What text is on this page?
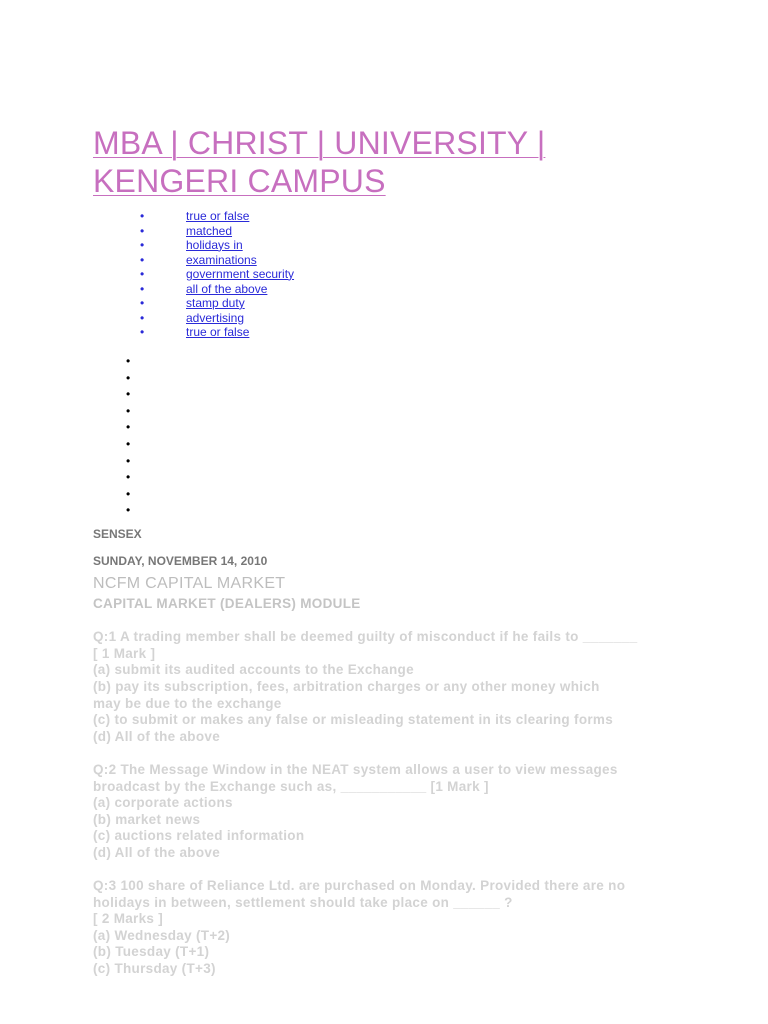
MBA | CHRIST | UNIVERSITY |
KENGERI CAMPUS
•	true or false
•	matched
•	holidays in
•	examinations
•	government security
•	all of the above
•	stamp duty
•	advertising
•	true or false
•
•
•
•
•
•
•
•
•
•
SENSEX
SUNDAY, NOVEMBER 14, 2010
NCFM CAPITAL MARKET
CAPITAL MARKET (DEALERS) MODULE
Q:1 A trading member shall be deemed guilty of misconduct if he fails to _______
[ 1 Mark ]
(a) submit its audited accounts to the Exchange
(b) pay its subscription, fees, arbitration charges or any other money which
may be due to the exchange
(c) to submit or makes any false or misleading statement in its clearing forms
(d) All of the above
Q:2 The Message Window in the NEAT system allows a user to view messages
broadcast by the Exchange such as, ___________ [1 Mark ]
(a) corporate actions
(b) market news
(c) auctions related information
(d) All of the above
Q:3 100 share of Reliance Ltd. are purchased on Monday. Provided there are no
holidays in between, settlement should take place on ______ ?
[ 2 Marks ]
(a) Wednesday (T+2)
(b) Tuesday (T+1)
(c) Thursday (T+3)
